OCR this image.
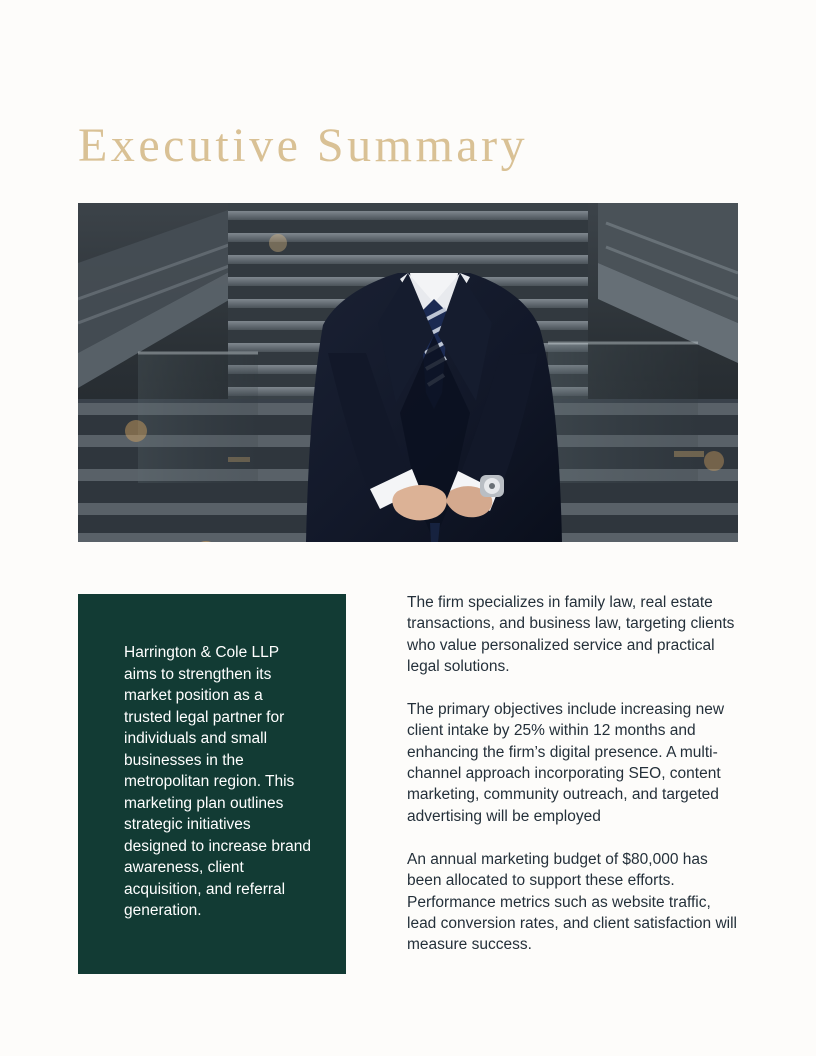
Executive Summary

Harrington & Cole LLP aims to strengthen its market position as a trusted legal partner for individuals and small businesses in the metropolitan region. This marketing plan outlines strategic initiatives designed to increase brand awareness, client acquisition, and referral generation.

The firm specializes in family law, real estate transactions, and business law, targeting clients who value personalized service and practical legal solutions.

The primary objectives include increasing new client intake by 25% within 12 months and enhancing the firm’s digital presence. A multi-channel approach incorporating SEO, content marketing, community outreach, and targeted advertising will be employed

An annual marketing budget of $80,000 has been allocated to support these efforts. Performance metrics such as website traffic, lead conversion rates, and client satisfaction will measure success.
